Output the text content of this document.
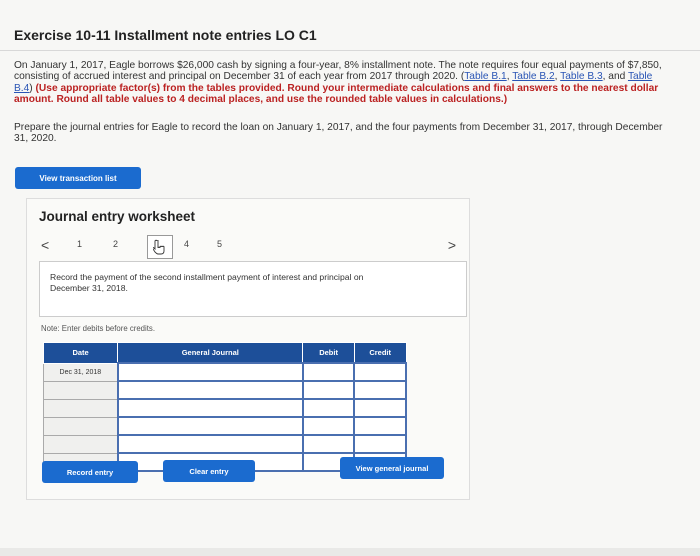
Exercise 10-11 Installment note entries LO C1
On January 1, 2017, Eagle borrows $26,000 cash by signing a four-year, 8% installment note. The note requires four equal payments of $7,850, consisting of accrued interest and principal on December 31 of each year from 2017 through 2020. (Table B.1, Table B.2, Table B.3, and Table B.4) (Use appropriate factor(s) from the tables provided. Round your intermediate calculations and final answers to the nearest dollar amount. Round all table values to 4 decimal places, and use the rounded table values in calculations.)
Prepare the journal entries for Eagle to record the loan on January 1, 2017, and the four payments from December 31, 2017, through December 31, 2020.
View transaction list
Journal entry worksheet
<	1	2	4	5	>
Record the payment of the second installment payment of interest and principal on December 31, 2018.
Note: Enter debits before credits.
Date	General Journal	Debit	Credit
Dec 31, 2018			

Record entry	Clear entry	View general journal
